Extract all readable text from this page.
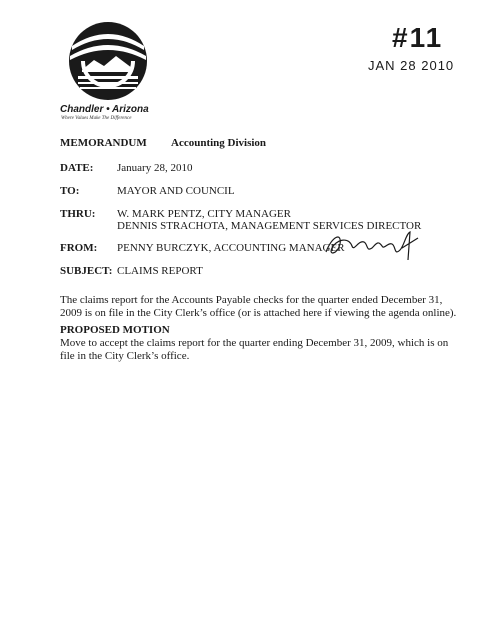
Chandler • Arizona
Where Values Make The Difference
#11
JAN 28 2010
MEMORANDUM Accounting Division
DATE: January 28, 2010
TO:	MAYOR AND COUNCIL
THRU: W. MARK PENTZ, CITY MANAGER
DENNIS STRACHOTA, MANAGEMENT SERVICES DIRECTOR
FROM: PENNY BURCZYK, ACCOUNTING MANAGER
SUBJECT: CLAIMS REPORT
The claims report for the Accounts Payable checks for the quarter ended December 31, 2009 is on file in the City Clerk’s office (or is attached here if viewing the agenda online).
PROPOSED MOTION
Move to accept the claims report for the quarter ending December 31, 2009, which is on file in the City Clerk’s office.
